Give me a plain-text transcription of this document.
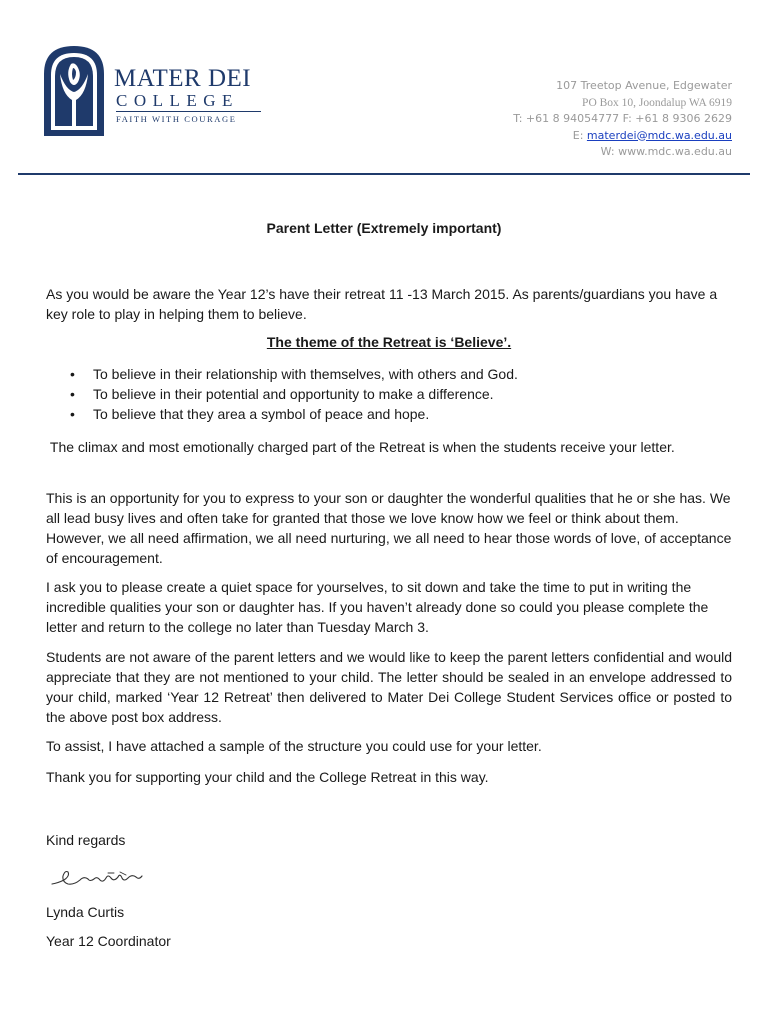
MATER DEI
COLLEGE
FAITH WITH COURAGE
107 Treetop Avenue, Edgewater
PO Box 10, Joondalup WA 6919
T: +61 8 94054777 F: +61 8 9306 2629
E: materdei@mdc.wa.edu.au
W: www.mdc.wa.edu.au
Parent Letter (Extremely important)
As you would be aware the Year 12’s have their retreat 11 -13 March 2015. As parents/guardians you have a key role to play in helping them to believe.
The theme of the Retreat is ‘Believe’.
• To believe in their relationship with themselves, with others and God.
• To believe in their potential and opportunity to make a difference.
• To believe that they area a symbol of peace and hope.
The climax and most emotionally charged part of the Retreat is when the students receive your letter.
This is an opportunity for you to express to your son or daughter the wonderful qualities that he or she has. We all lead busy lives and often take for granted that those we love know how we feel or think about them. However, we all need affirmation, we all need nurturing, we all need to hear those words of love, of acceptance of encouragement.
I ask you to please create a quiet space for yourselves, to sit down and take the time to put in writing the incredible qualities your son or daughter has. If you haven’t already done so could you please complete the letter and return to the college no later than Tuesday March 3.
Students are not aware of the parent letters and we would like to keep the parent letters confidential and would appreciate that they are not mentioned to your child. The letter should be sealed in an envelope addressed to your child, marked ‘Year 12 Retreat’ then delivered to Mater Dei College Student Services office or posted to the above post box address.
To assist, I have attached a sample of the structure you could use for your letter.
Thank you for supporting your child and the College Retreat in this way.
Kind regards
Lynda Curtis
Year 12 Coordinator
